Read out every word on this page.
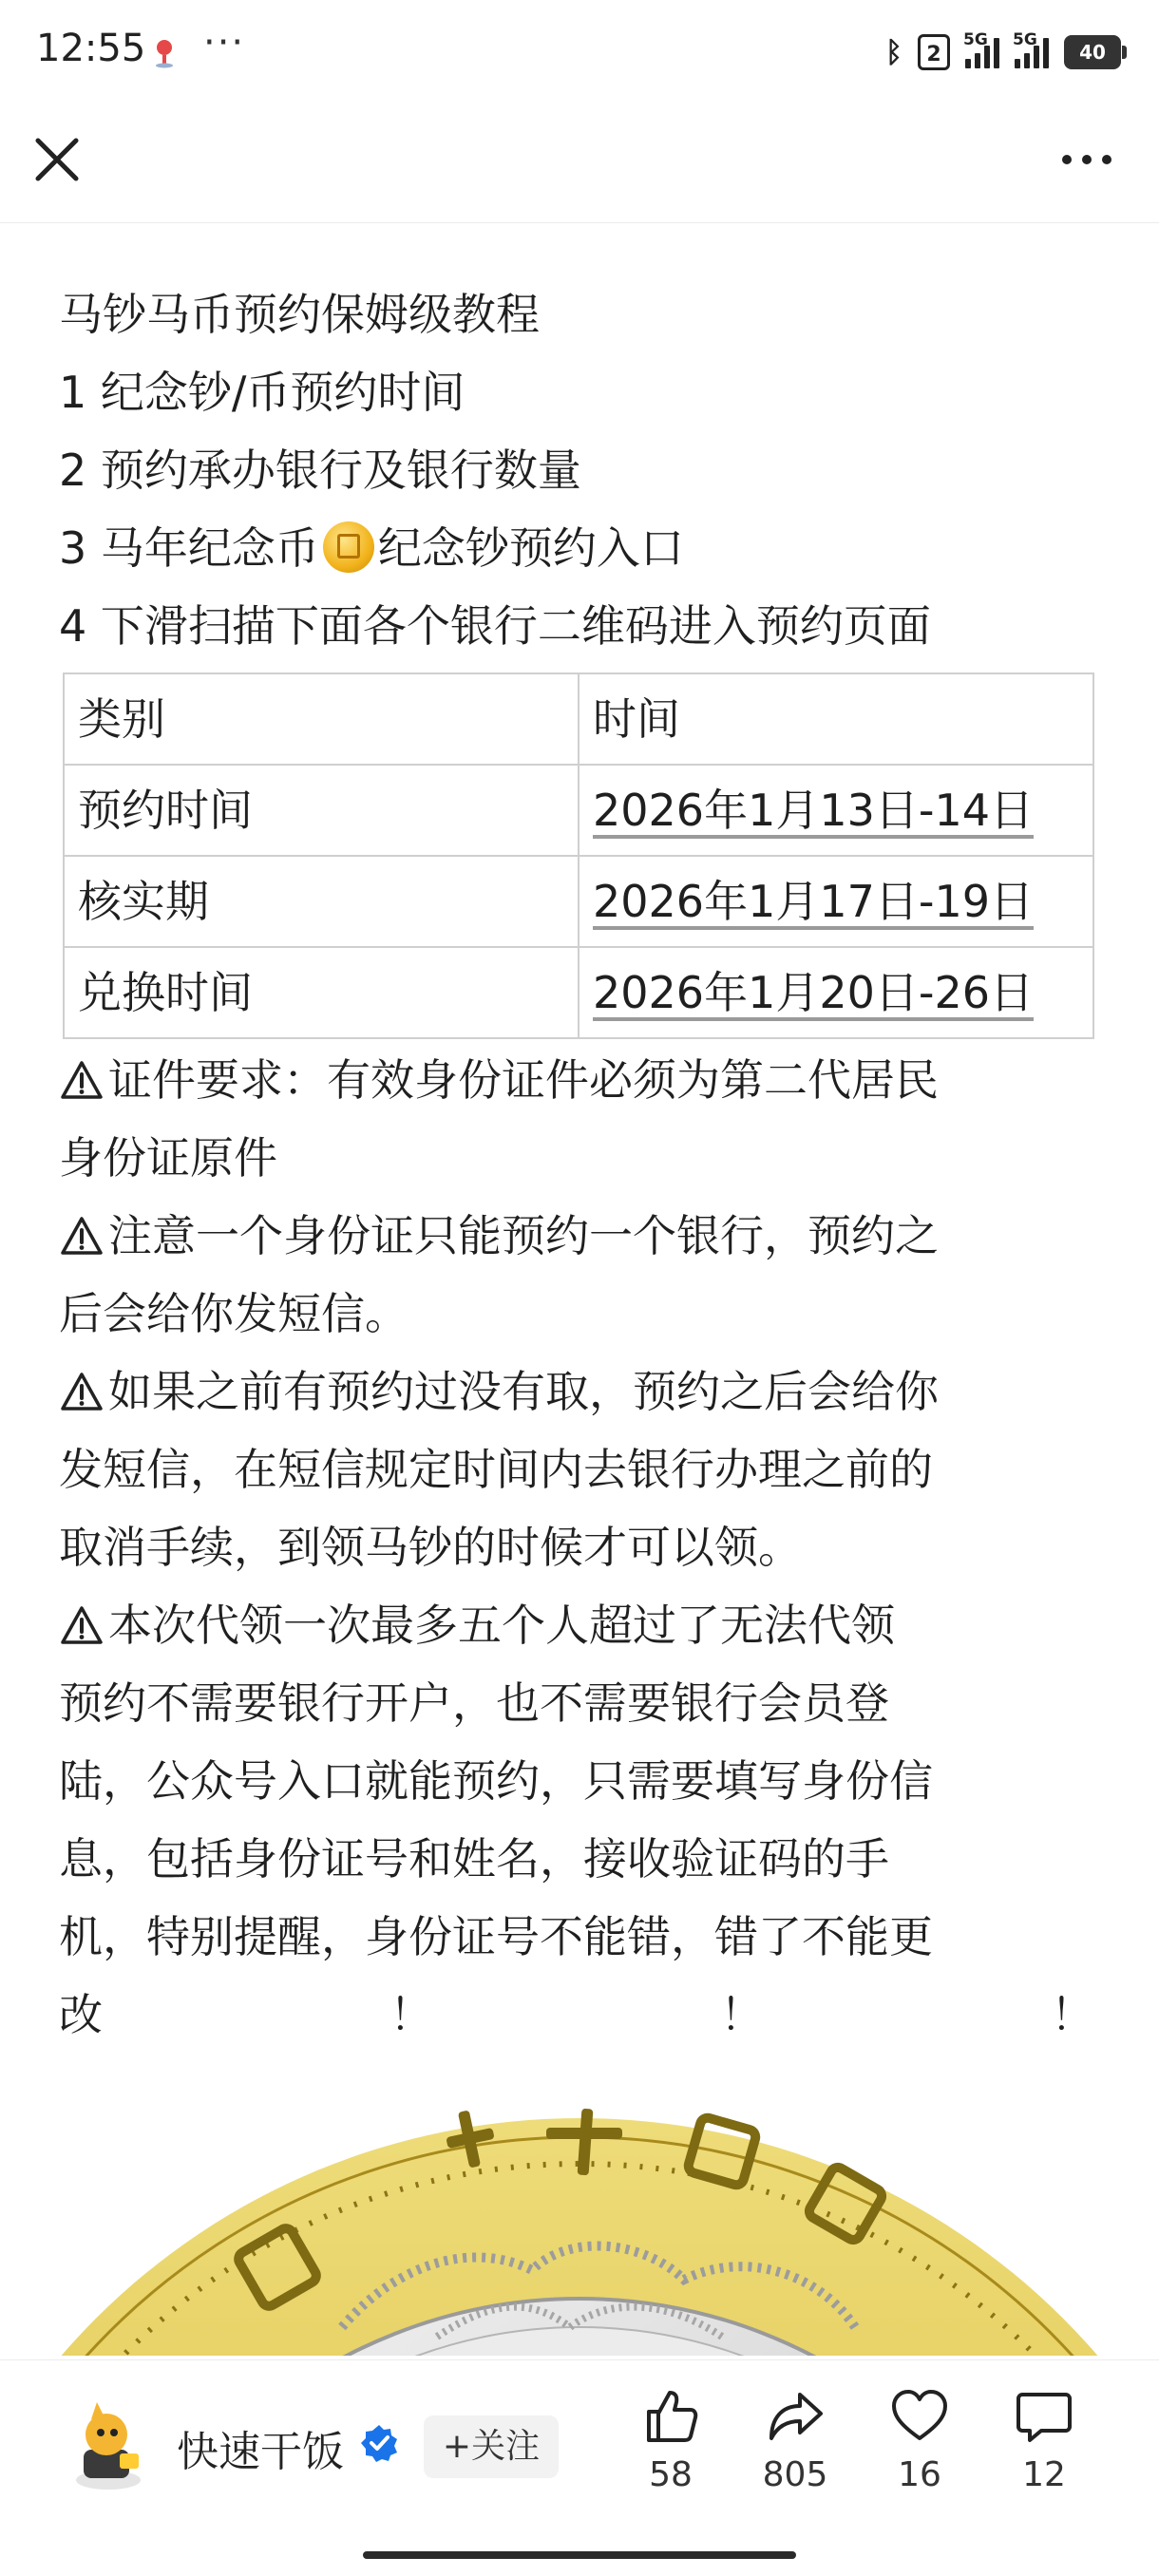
12:55 ···	ᛒ	2
5G 5G
40
马钞马币预约保姆级教程
1 纪念钞/币预约时间
2 预约承办银行及银行数量
3 马年纪念币 纪念钞预约入口
4 下滑扫描下面各个银行二维码进入预约页面
类别	时间
预约时间	2026年1月13日-14日
核实期	2026年1月17日-19日
兑换时间	2026年1月20日-26日
证件要求：有效身份证件必须为第二代居民
身份证原件
注意一个身份证只能预约一个银行，预约之
后会给你发短信。
如果之前有预约过没有取，预约之后会给你
发短信，在短信规定时间内去银行办理之前的
取消手续，到领马钞的时候才可以领。
本次代领一次最多五个人超过了无法代领
预约不需要银行开户，也不需要银行会员登
陆，公众号入口就能预约，只需要填写身份信
息，包括身份证号和姓名，接收验证码的手
机，特别提醒，身份证号不能错，错了不能更
改	！	！	！
快速干饭	+关注
58	805	16	12
